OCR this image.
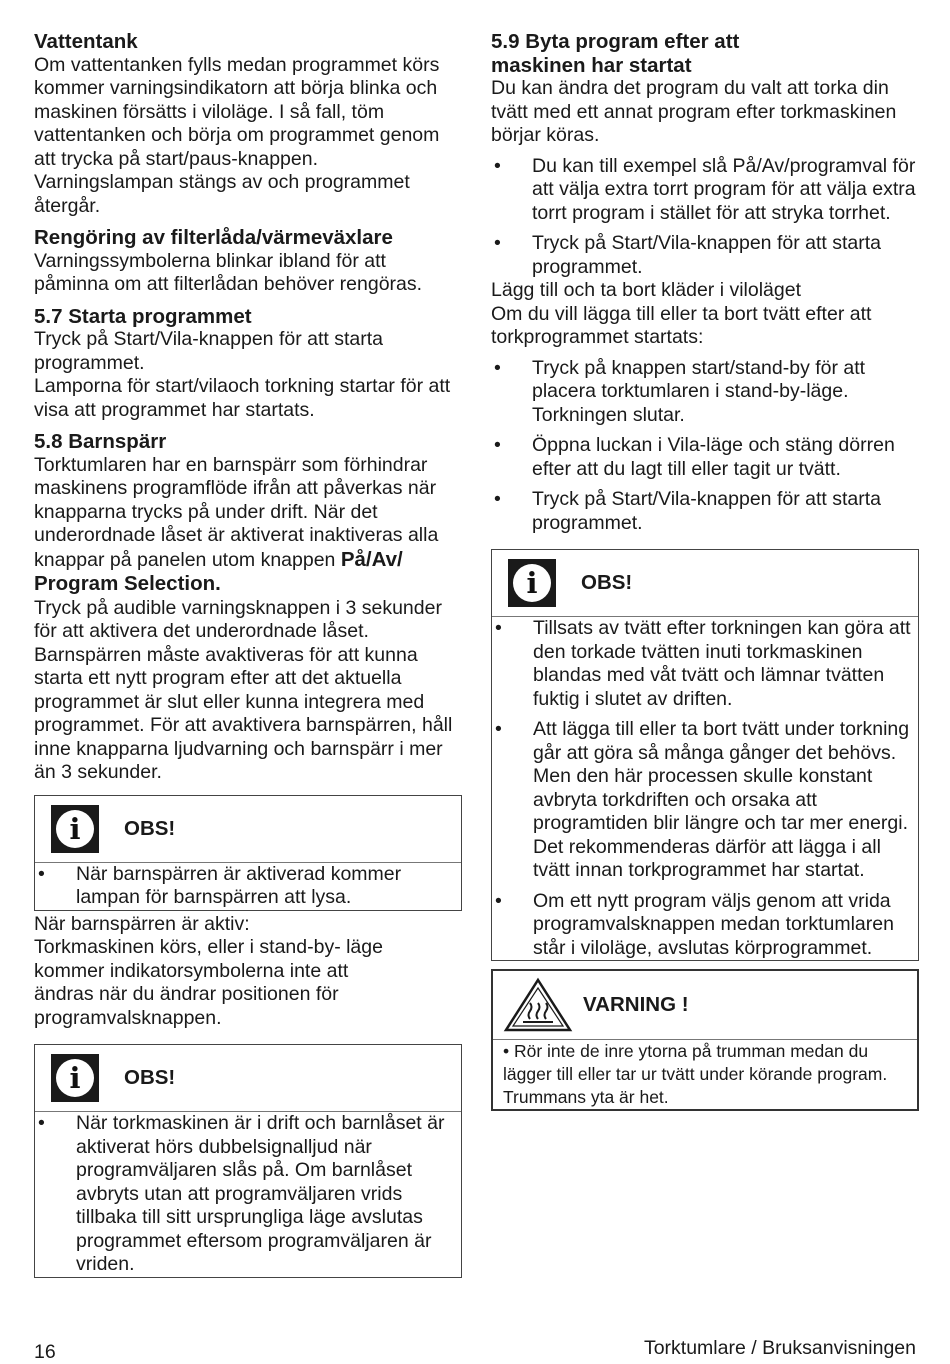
Vattentank

Om vattentanken fylls medan programmet körs kommer varningsindikatorn att börja blinka och maskinen försätts i viloläge. I så fall, töm vattentanken och börja om programmet genom att trycka på start/paus-knappen. Varningslampan stängs av och programmet återgår.

Rengöring av filterlåda/värmeväxlare

Varningssymbolerna blinkar ibland för att påminna om att filterlådan behöver rengöras.

5.7 Starta programmet

Tryck på Start/Vila-knappen för att starta programmet.

Lamporna för start/vilaoch torkning startar för att visa att programmet har startats.

5.8 Barnspärr

Torktumlaren har en barnspärr som förhindrar maskinens programflöde ifrån att påverkas när knapparna trycks på under drift. När det underordnade låset är aktiverat inaktiveras alla knappar på panelen utom knappen På/Av/ Program Selection.

Tryck på audible varningsknappen i 3 sekunder för att aktivera det underordnade låset. Barnspärren måste avaktiveras för att kunna starta ett nytt program efter att det aktuella programmet är slut eller kunna integrera med programmet. För att avaktivera barnspärren, håll inne knapparna ljudvarning och barnspärr i mer än 3 sekunder.

i	OBS!
• När barnspärren är aktiverad kommer lampan för barnspärren att lysa.

När barnspärren är aktiv:

Torkmaskinen körs, eller i stand-by- läge kommer indikatorsymbolerna inte att ändras när du ändrar positionen för programvalsknappen.

i	OBS!
• När torkmaskinen är i drift och barnlåset är aktiverat hörs dubbelsignalljud när programväljaren slås på. Om barnlåset avbryts utan att programväljaren vrids tillbaka till sitt ursprungliga läge avslutas programmet eftersom programväljaren är vriden.
5.9 Byta program efter att maskinen har startat

Du kan ändra det program du valt att torka din tvätt med ett annat program efter torkmaskinen börjar köras.

• Du kan till exempel slå På/Av/programval för att välja extra torrt program för att välja extra torrt program i stället för att stryka torrhet.
• Tryck på Start/Vila-knappen för att starta programmet.

Lägg till och ta bort kläder i viloläget

Om du vill lägga till eller ta bort tvätt efter att torkprogrammet startats:

• Tryck på knappen start/stand-by för att placera torktumlaren i stand-by-läge. Torkningen slutar.
• Öppna luckan i Vila-läge och stäng dörren efter att du lagt till eller tagit ur tvätt.
• Tryck på Start/Vila-knappen för att starta programmet.
i	OBS!
• Tillsats av tvätt efter torkningen kan göra att den torkade tvätten inuti torkmaskinen blandas med våt tvätt och lämnar tvätten fuktig i slutet av driften.
• Att lägga till eller ta bort tvätt under torkning går att göra så många gånger det behövs. Men den här processen skulle konstant avbryta torkdriften och orsaka att programtiden blir längre och tar mer energi. Det rekommenderas därför att lägga i all tvätt innan torkprogrammet har startat.
• Om ett nytt program väljs genom att vrida programvalsknappen medan torktumlaren står i viloläge, avslutas körprogrammet.
VARNING !
• Rör inte de inre ytorna på trumman medan du lägger till eller tar ur tvätt under körande program. Trummans yta är het.
16	Torktumlare / Bruksanvisningen
